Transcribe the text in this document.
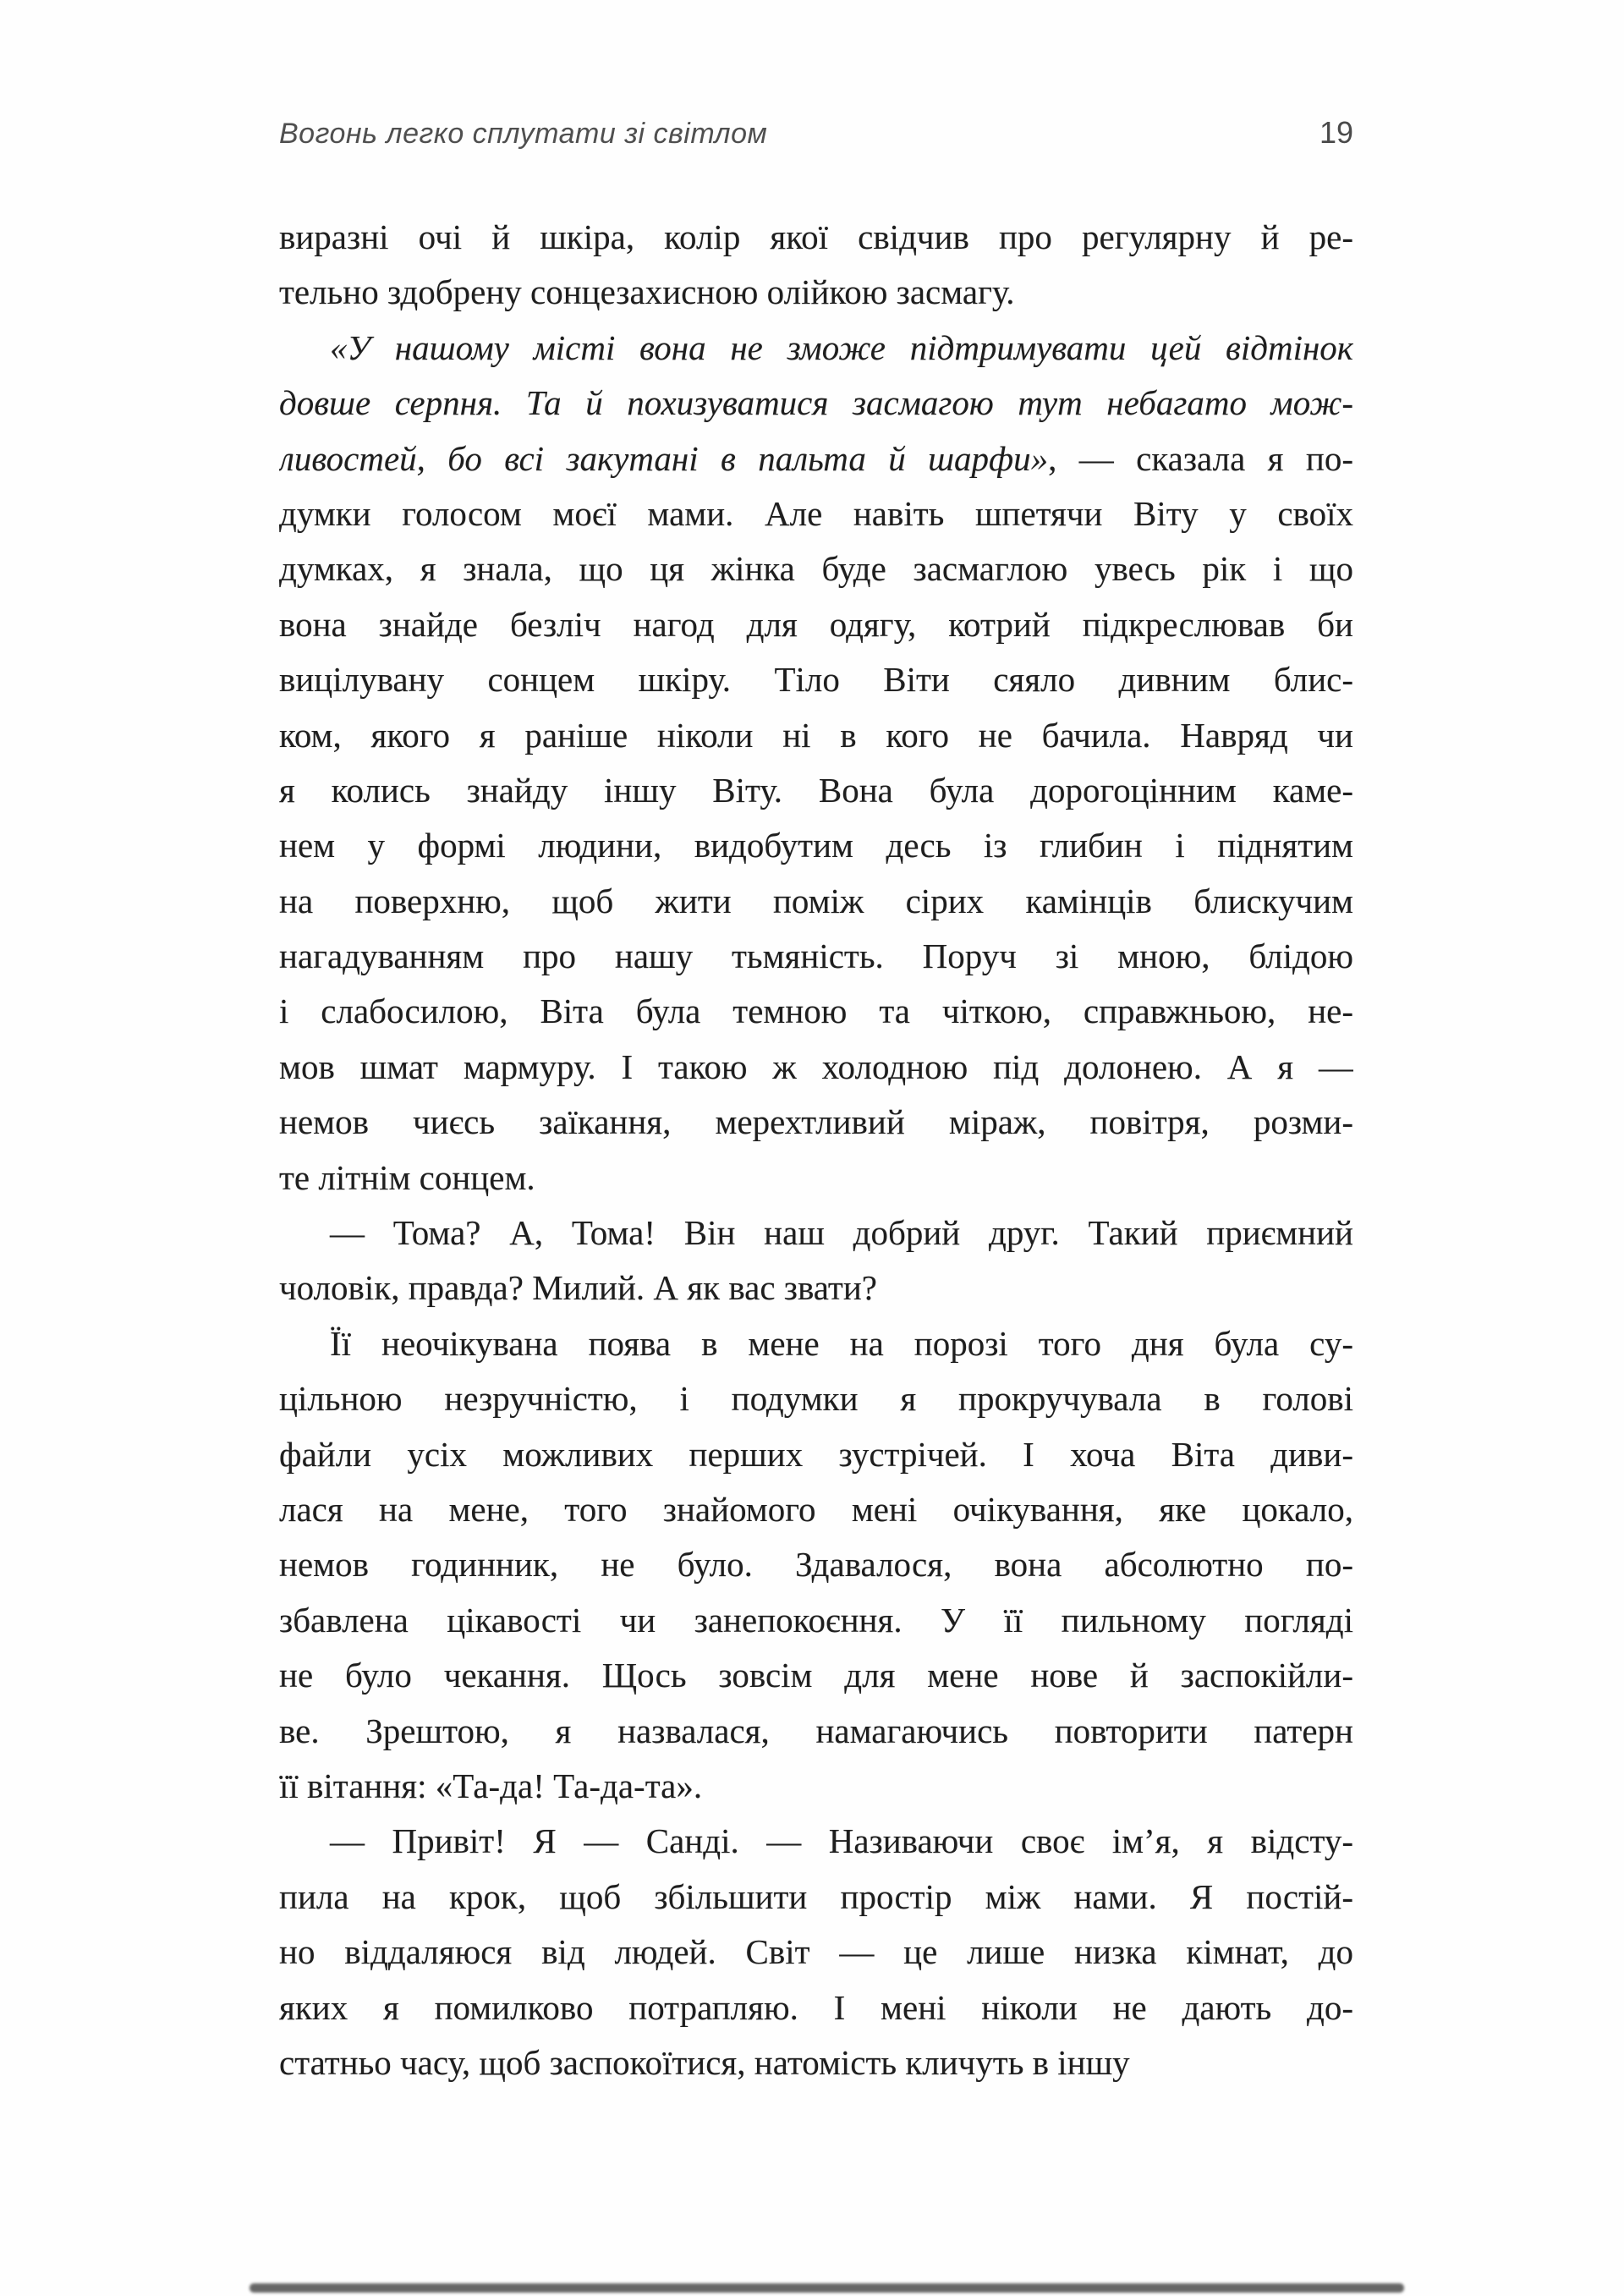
Вогонь легко сплутати зі світлом	19
виразні очі й шкіра, колір якої свідчив про регулярну й ре-
тельно здобрену сонцезахисною олійкою засмагу.
«У нашому місті вона не зможе підтримувати цей відтінок
довше серпня. Та й похизуватися засмагою тут небагато мож-
ливостей, бо всі закутані в пальта й шарфи», — сказала я по-
думки голосом моєї мами. Але навіть шпетячи Віту у своїх
думках, я знала, що ця жінка буде засмаглою увесь рік і що
вона знайде безліч нагод для одягу, котрий підкреслював би
вицілувану сонцем шкіру. Тіло Віти сяяло дивним блис-
ком, якого я раніше ніколи ні в кого не бачила. Навряд чи
я колись знайду іншу Віту. Вона була дорогоцінним каме-
нем у формі людини, видобутим десь із глибин і піднятим
на поверхню, щоб жити поміж сірих камінців блискучим
нагадуванням про нашу тьмяність. Поруч зі мною, блідою
і слабосилою, Віта була темною та чіткою, справжньою, не-
мов шмат мармуру. І такою ж холодною під долонею. А я —
немов чиєсь заїкання, мерехтливий міраж, повітря, розми-
те літнім сонцем.
— Тома? А, Тома! Він наш добрий друг. Такий приємний
чоловік, правда? Милий. А як вас звати?
Її неочікувана поява в мене на порозі того дня була су-
цільною незручністю, і подумки я прокручувала в голові
файли усіх можливих перших зустрічей. І хоча Віта диви-
лася на мене, того знайомого мені очікування, яке цокало,
немов годинник, не було. Здавалося, вона абсолютно по-
збавлена цікавості чи занепокоєння. У її пильному погляді
не було чекання. Щось зовсім для мене нове й заспокійли-
ве. Зрештою, я назвалася, намагаючись повторити патерн
її вітання: «Та-да! Та-да-та».
— Привіт! Я — Санді. — Називаючи своє ім’я, я відсту-
пила на крок, щоб збільшити простір між нами. Я постій-
но віддаляюся від людей. Світ — це лише низка кімнат, до
яких я помилково потрапляю. І мені ніколи не дають до-
статньо часу, щоб заспокоїтися, натомість кличуть в іншу
